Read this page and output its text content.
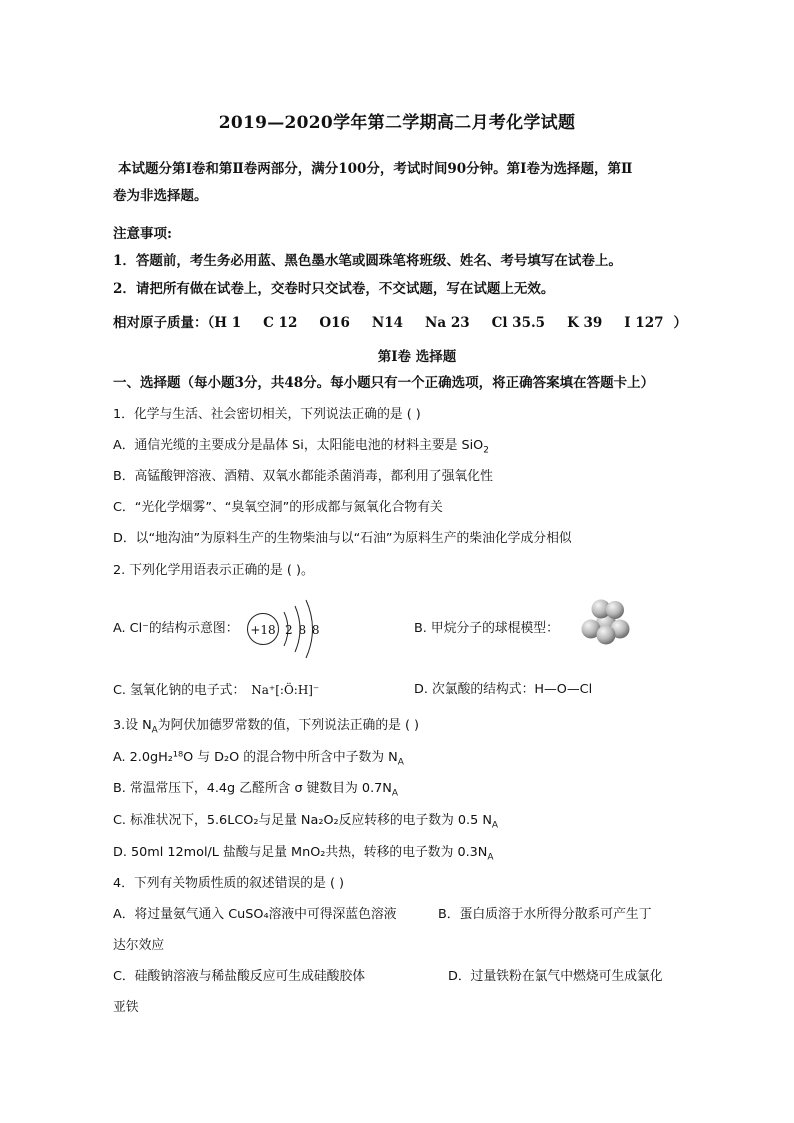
2019—2020学年第二学期高二月考化学试题
本试题分第Ⅰ卷和第Ⅱ卷两部分，满分100分，考试时间90分钟。第Ⅰ卷为选择题，第Ⅱ
卷为非选择题。
注意事项:
1．答题前，考生务必用蓝、黑色墨水笔或圆珠笔将班级、姓名、考号填写在试卷上。
2．请把所有做在试卷上，交卷时只交试卷，不交试题，写在试题上无效。
相对原子质量：（H 1 C 12 O16 N14 Na 23 Cl 35.5 K 39 I 127 ）
第Ⅰ卷 选择题
一、选择题（每小题3分，共48分。每小题只有一个正确选项，将正确答案填在答题卡上）
1．化学与生活、社会密切相关，下列说法正确的是 ( )
A．通信光缆的主要成分是晶体 Si，太阳能电池的材料主要是 SiO$_2$
B．高锰酸钾溶液、酒精、双氧水都能杀菌消毒，都利用了强氧化性
C．“光化学烟雾”、“臭氧空洞”的形成都与氮氧化合物有关
D．以“地沟油”为原料生产的生物柴油与以“石油”为原料生产的柴油化学成分相似
2. 下列化学用语表示正确的是 ( )。
A. Cl⁻的结构示意图： +18 2 8 8	B. 甲烷分子的球棍模型：
C. 氢氧化钠的电子式： Na⁺[:Ö:H]⁻	D. 次氯酸的结构式：H—O—Cl
3.设 $N_A$为阿伏加德罗常数的值，下列说法正确的是 ( )
A. 2.0gH₂¹⁸O 与 D₂O 的混合物中所含中子数为 $N_A$
B. 常温常压下，4.4g 乙醛所含 σ 键数目为 $0.7N_A$
C. 标准状况下，5.6LCO₂与足量 Na₂O₂反应转移的电子数为 0.5 $N_A$
D. 50ml 12mol/L 盐酸与足量 MnO₂共热，转移的电子数为 $0.3N_A$
4．下列有关物质性质的叙述错误的是 ( )
A．将过量氨气通入 CuSO₄溶液中可得深蓝色溶液	B．蛋白质溶于水所得分散系可产生丁
达尔效应
C．硅酸钠溶液与稀盐酸反应可生成硅酸胶体	D．过量铁粉在氯气中燃烧可生成氯化
亚铁
